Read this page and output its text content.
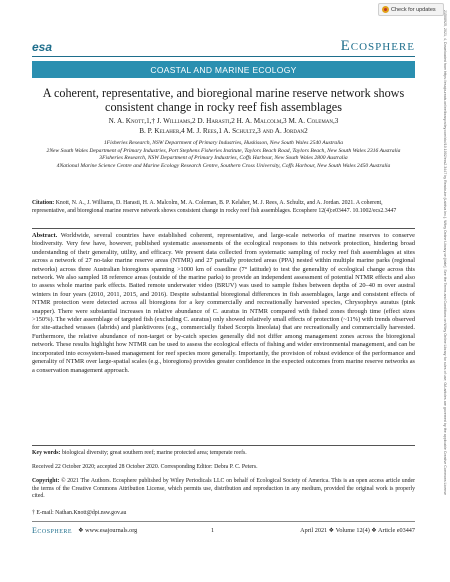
Check for updates
esa	Ecosphere
COASTAL AND MARINE ECOLOGY
A coherent, representative, and bioregional marine reserve network shows consistent change in rocky reef fish assemblages
N. A. Knott,1,† J. Williams,2 D. Harasti,2 H. A. Malcolm,3 M. A. Coleman,3
B. P. Kelaher,4 M. J. Rees,1 A. Schultz,3 and A. Jordan2
1Fisheries Research, NSW Department of Primary Industries, Huskisson, New South Wales 2540 Australia
2New South Wales Department of Primary Industries, Port Stephens Fisheries Institute, Taylors Beach Road, Taylors Beach, New South Wales 2316 Australia
3Fisheries Research, NSW Department of Primary Industries, Coffs Harbour, New South Wales 2800 Australia
4National Marine Science Centre and Marine Ecology Research Centre, Southern Cross University, Coffs Harbour, New South Wales 2450 Australia
Citation: Knott, N. A., J. Williams, D. Harasti, H. A. Malcolm, M. A. Coleman, B. P. Kelaher, M. J. Rees, A. Schultz, and A. Jordan. 2021. A coherent, representative, and bioregional marine reserve network shows consistent change in rocky reef fish assemblages. Ecosphere 12(4):e03447. 10.1002/ecs2.3447
Abstract. Worldwide, several countries have established coherent, representative, and large-scale networks of marine reserves to conserve biodiversity. Very few have, however, published systematic assessments of the ecological responses to this network protection, hindering broad understanding of their generality, utility, and efficacy. We present data collected from systematic sampling of rocky reef fish assemblages at sites across a network of 27 no-take marine reserve areas (NTMR) and 27 partially protected areas (PPA) nested within multiple marine parks (regional networks) across three Australian bioregions spanning >1000 km of coastline (7° latitude) to test the generality of ecological change across this network. We also sampled 18 reference areas (outside of the marine parks) to provide an independent assessment of potential NTMR effects and also to assess whole marine park effects. Baited remote underwater video (BRUV) was used to sample fishes between depths of 20–40 m over austral winters in four years (2010, 2011, 2015, and 2016). Despite substantial bioregional differences in fish assemblages, large and consistent effects of NTMR protection were detected across all bioregions for a key commercially and recreationally harvested species, Chrysophrys auratus (pink snapper). There were substantial increases in relative abundance of C. auratus in NTMR compared with fished zones through time (effect sizes >150%). The wider assemblage of targeted fish (excluding C. auratus) only showed relatively small effects of protection (~11%) with trends observed for site-attached wrasses (labrids) and planktivores (e.g., commercially fished Scorpis lineolata) that are recreationally and commercially harvested. Furthermore, the relative abundance of non-target or by-catch species generally did not differ among management zones across the bioregional network. These results highlight how NTMR can be used to assess the ecological effects of fishing and wider environmental management, and can be incorporated into ecosystem-based management for reef species more generally. Importantly, the provision of robust evidence of the performance and generality of NTMR over large-spatial scales (e.g., bioregions) provides greater confidence in the expected outcomes from marine reserve networks as a conservation management approach.
Key words: biological diversity; great southern reef; marine protected area; temperate reefs.
Received 22 October 2020; accepted 28 October 2020. Corresponding Editor: Debra P. C. Peters.
Copyright: © 2021 The Authors. Ecosphere published by Wiley Periodicals LLC on behalf of Ecological Society of America. This is an open access article under the terms of the Creative Commons Attribution License, which permits use, distribution and reproduction in any medium, provided the original work is properly cited.
† E-mail: Nathan.Knott@dpi.nsw.gov.au
Ecosphere ❖ www.esajournals.org	1	April 2021 ❖ Volume 12(4) ❖ Article e03447
21508925, 2021, 4, Downloaded from https://esajournals.onlinelibrary.wiley.com/doi/10.1002/ecs2.3447 by Readcube (Labtiva Inc.), Wiley Online Library on [date]. See the Terms and Conditions on Wiley Online Library for rules of use; OA articles are governed by the applicable Creative Commons License
